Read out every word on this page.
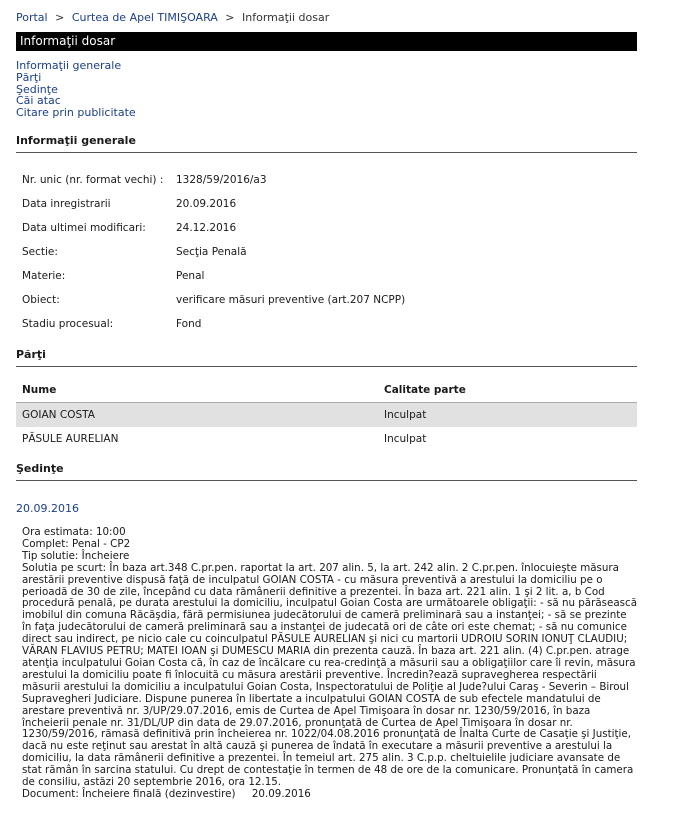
Portal > Curtea de Apel TIMIŞOARA > Informaţii dosar
Informaţii dosar
Informaţii generale
Părţi
Şedinţe
Căi atac
Citare prin publicitate
Informaţii generale
Nr. unic (nr. format vechi) : 1328/59/2016/a3
Data inregistrarii	20.09.2016
Data ultimei modificari:	24.12.2016
Sectie:	Secţia Penală
Materie:	Penal
Obiect:	verificare măsuri preventive (art.207 NCPP)
Stadiu procesual:	Fond
Părţi
Nume	Calitate parte
GOIAN COSTA	Inculpat
PĂSULE AURELIAN	Inculpat
Şedinţe
20.09.2016
Ora estimata: 10:00
Complet: Penal - CP2
Tip solutie: Încheiere
Solutia pe scurt: În baza art.348 C.pr.pen. raportat la art. 207 alin. 5, la art. 242 alin. 2 C.pr.pen. înlocuieşte măsura arestării preventive dispusă faţă de inculpatul GOIAN COSTA - cu măsura preventivă a arestului la domiciliu pe o perioadă de 30 de zile, începând cu data rămânerii definitive a prezentei. În baza art. 221 alin. 1 şi 2 lit. a, b Cod procedură penală, pe durata arestului la domiciliu, inculpatul Goian Costa are următoarele obligaţii: - să nu părăsească imobilul din comuna Răcăşdia, fără permisiunea judecătorului de cameră preliminară sau a instanţei; - să se prezinte în faţa judecătorului de cameră preliminară sau a instanţei de judecată ori de câte ori este chemat; - să nu comunice direct sau indirect, pe nicio cale cu coinculpatul PĂSULE AURELIAN şi nici cu martorii UDROIU SORIN IONUŢ CLAUDIU; VĂRAN FLAVIUS PETRU; MATEI IOAN şi DUMESCU MARIA din prezenta cauză. În baza art. 221 alin. (4) C.pr.pen. atrage atenţia inculpatului Goian Costa că, în caz de încălcare cu rea-credinţă a măsurii sau a obligaţiilor care îi revin, măsura arestului la domiciliu poate fi înlocuită cu măsura arestării preventive. Încredin?ează supravegherea respectării măsurii arestului la domiciliu a inculpatului Goian Costa, Inspectoratului de Poliţie al Jude?ului Caraş - Severin – Biroul Supravegheri Judiciare. Dispune punerea în libertate a inculpatului GOIAN COSTA de sub efectele mandatului de arestare preventivă nr. 3/UP/29.07.2016, emis de Curtea de Apel Timişoara în dosar nr. 1230/59/2016, în baza încheierii penale nr. 31/DL/UP din data de 29.07.2016, pronunţată de Curtea de Apel Timişoara în dosar nr. 1230/59/2016, rămasă definitivă prin încheierea nr. 1022/04.08.2016 pronunţată de Înalta Curte de Casaţie şi Justiţie, dacă nu este reţinut sau arestat în altă cauză şi punerea de îndată în executare a măsurii preventive a arestului la domiciliu, la data rămânerii definitive a prezentei. În temeiul art. 275 alin. 3 C.p.p. cheltuielile judiciare avansate de stat rămân în sarcina statului. Cu drept de contestaţie în termen de 48 de ore de la comunicare. Pronunţată în camera de consiliu, astăzi 20 septembrie 2016, ora 12.15.
Document: Încheiere finală (dezinvestire)     20.09.2016
